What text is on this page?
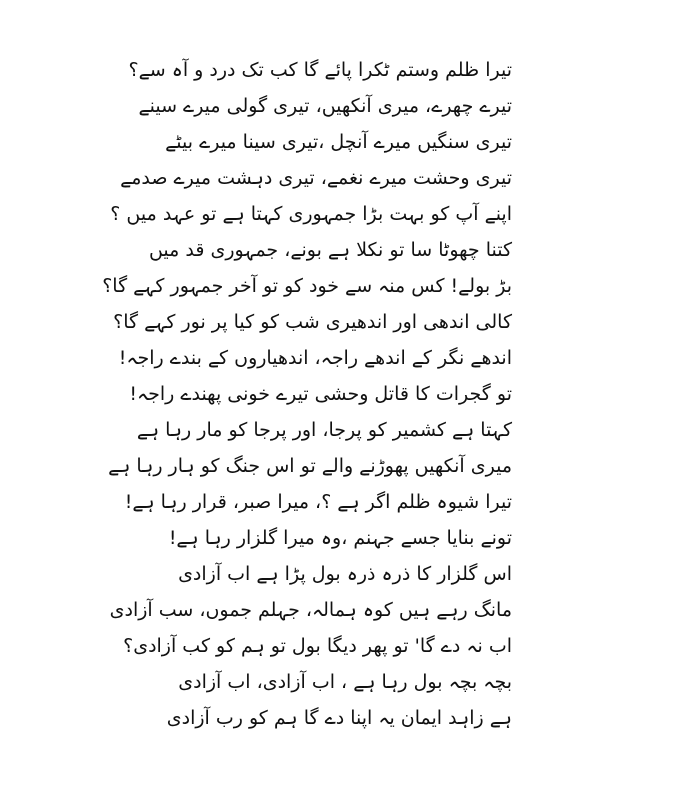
تیرا ظلم وستم ٹکرا پائے گا کب تک درد و آہ سے؟

تیرے چھرے، میری آنکھیں، تیری گولی میرے سینے

تیری سنگیں میرے آنچل ،تیری سینا میرے بیٹے

تیری وحشت میرے نغمے، تیری دہشت میرے صدمے

اپنے آپ کو بہت بڑا جمہوری کہتا ہے تو عہد میں ؟

کتنا چھوٹا سا تو نکلا ہے بونے، جمہوری قد میں

بڑ بولے! کس منہ سے خود کو تو آخر جمہور کہے گا؟

کالی اندھی اور اندھیری شب کو کیا پر نور کہے گا؟

اندھے نگر کے اندھے راجہ، اندھیاروں کے بندے راجہ!

تو گجرات کا قاتل وحشی تیرے خونی پھندے راجہ!

کہتا ہے کشمیر کو پرجا، اور پرجا کو مار رہا ہے

میری آنکھیں پھوڑنے والے تو اس جنگ کو ہار رہا ہے

تیرا شیوہ ظلم اگر ہے ؟، میرا صبر، قرار رہا ہے!

تونے بنایا جسے جہنم ،وہ میرا گلزار رہا ہے!

اس گلزار کا ذرہ ذرہ بول پڑا ہے اب آزادی

مانگ رہے ہیں کوہ ہمالہ، جہلم جموں، سب آزادی

اب نہ دے گا' تو پھر دیگا بول تو ہم کو کب آزادی؟

بچہ بچہ بول رہا ہے ، اب آزادی، اب آزادی

ہے زاہد ایمان یہ اپنا دے گا ہم کو رب آزادی
